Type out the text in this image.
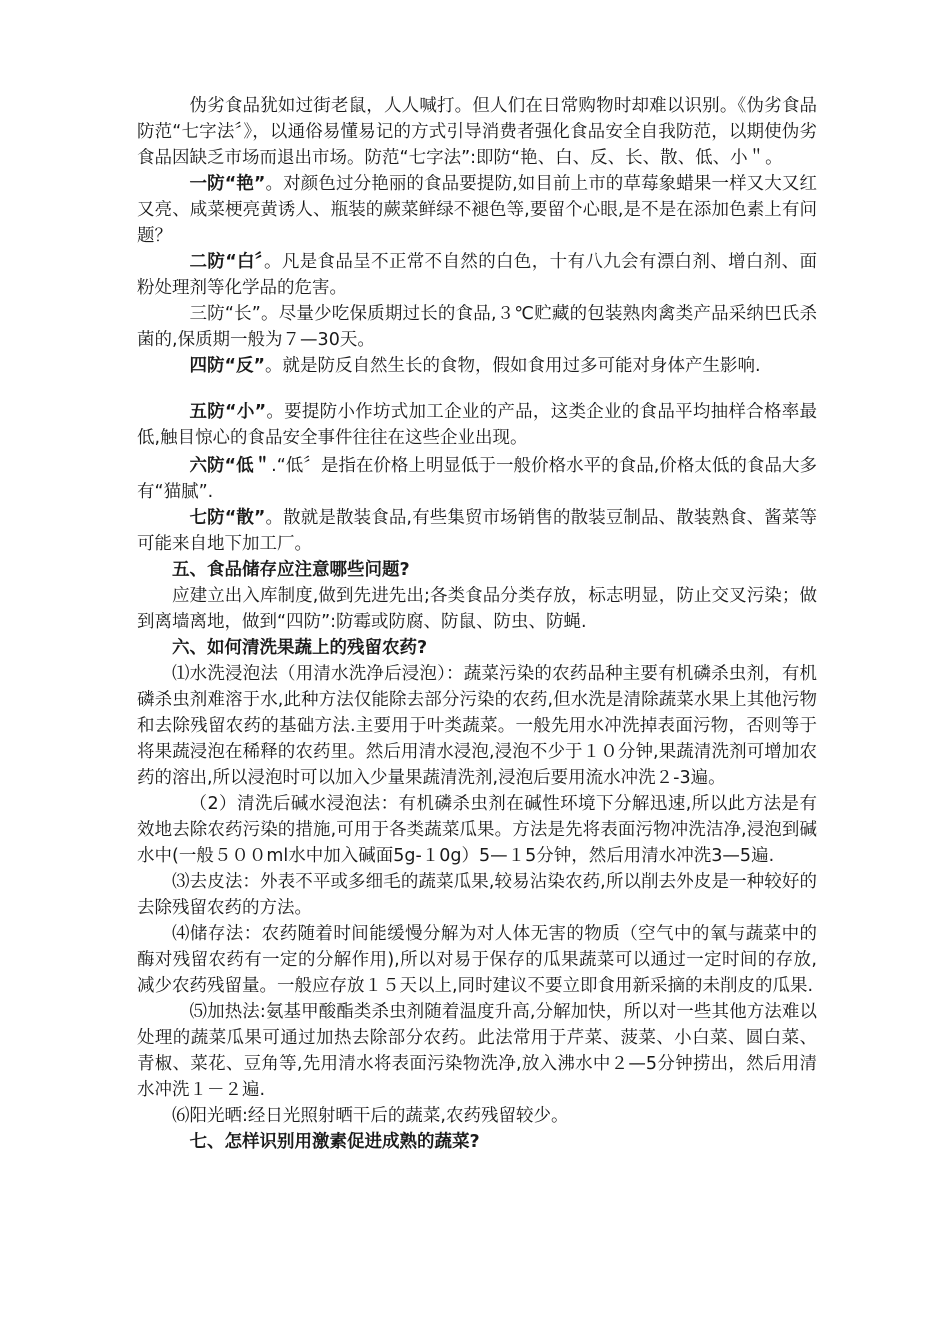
伪劣食品犹如过街老鼠，人人喊打。但人们在日常购物时却难以识别。《伪劣食品防范“七字法〞》，以通俗易懂易记的方式引导消费者强化食品安全自我防范，以期使伪劣食品因缺乏市场而退出市场。防范“七字法”:即防“艳、白、反、长、散、低、小＂。

一防“艳”。对颜色过分艳丽的食品要提防,如目前上市的草莓象蜡果一样又大又红又亮、咸菜梗亮黄诱人、瓶装的蕨菜鲜绿不褪色等,要留个心眼,是不是在添加色素上有问题？

二防“白〞。凡是食品呈不正常不自然的白色，十有八九会有漂白剂、增白剂、面粉处理剂等化学品的危害。

三防“长”。尽量少吃保质期过长的食品,３℃贮藏的包装熟肉禽类产品采纳巴氏杀菌的,保质期一般为７—30天。

四防“反”。就是防反自然生长的食物，假如食用过多可能对身体产生影响.

五防“小”。要提防小作坊式加工企业的产品，这类企业的食品平均抽样合格率最低,触目惊心的食品安全事件往往在这些企业出现。

六防“低＂.“低〞是指在价格上明显低于一般价格水平的食品,价格太低的食品大多有“猫腻”.

七防“散”。散就是散装食品,有些集贸市场销售的散装豆制品、散装熟食、酱菜等可能来自地下加工厂。

五、食品储存应注意哪些问题?

应建立出入库制度,做到先进先出;各类食品分类存放，标志明显，防止交叉污染；做到离墙离地，做到“四防”:防霉或防腐、防鼠、防虫、防蝇.

六、如何清洗果蔬上的残留农药?

⑴水洗浸泡法（用清水洗净后浸泡）：蔬菜污染的农药品种主要有机磷杀虫剂，有机磷杀虫剂难溶于水,此种方法仅能除去部分污染的农药,但水洗是清除蔬菜水果上其他污物和去除残留农药的基础方法.主要用于叶类蔬菜。一般先用水冲洗掉表面污物，否则等于将果蔬浸泡在稀释的农药里。然后用清水浸泡,浸泡不少于１０分钟,果蔬清洗剂可增加农药的溶出,所以浸泡时可以加入少量果蔬清洗剂,浸泡后要用流水冲洗２-3遍。

（2）清洗后碱水浸泡法：有机磷杀虫剂在碱性环境下分解迅速,所以此方法是有效地去除农药污染的措施,可用于各类蔬菜瓜果。方法是先将表面污物冲洗洁净,浸泡到碱水中(一般５００ml水中加入碱面5g-１0g）5—１5分钟，然后用清水冲洗3—5遍.

⑶去皮法：外表不平或多细毛的蔬菜瓜果,较易沾染农药,所以削去外皮是一种较好的去除残留农药的方法。

⑷储存法：农药随着时间能缓慢分解为对人体无害的物质（空气中的氧与蔬菜中的酶对残留农药有一定的分解作用),所以对易于保存的瓜果蔬菜可以通过一定时间的存放,减少农药残留量。一般应存放１５天以上,同时建议不要立即食用新采摘的未削皮的瓜果.

⑸加热法:氨基甲酸酯类杀虫剂随着温度升高,分解加快，所以对一些其他方法难以处理的蔬菜瓜果可通过加热去除部分农药。此法常用于芹菜、菠菜、小白菜、圆白菜、青椒、菜花、豆角等,先用清水将表面污染物洗净,放入沸水中２—5分钟捞出，然后用清水冲洗１－２遍.

⑹阳光晒:经日光照射晒干后的蔬菜,农药残留较少。

七、怎样识别用激素促进成熟的蔬菜?
